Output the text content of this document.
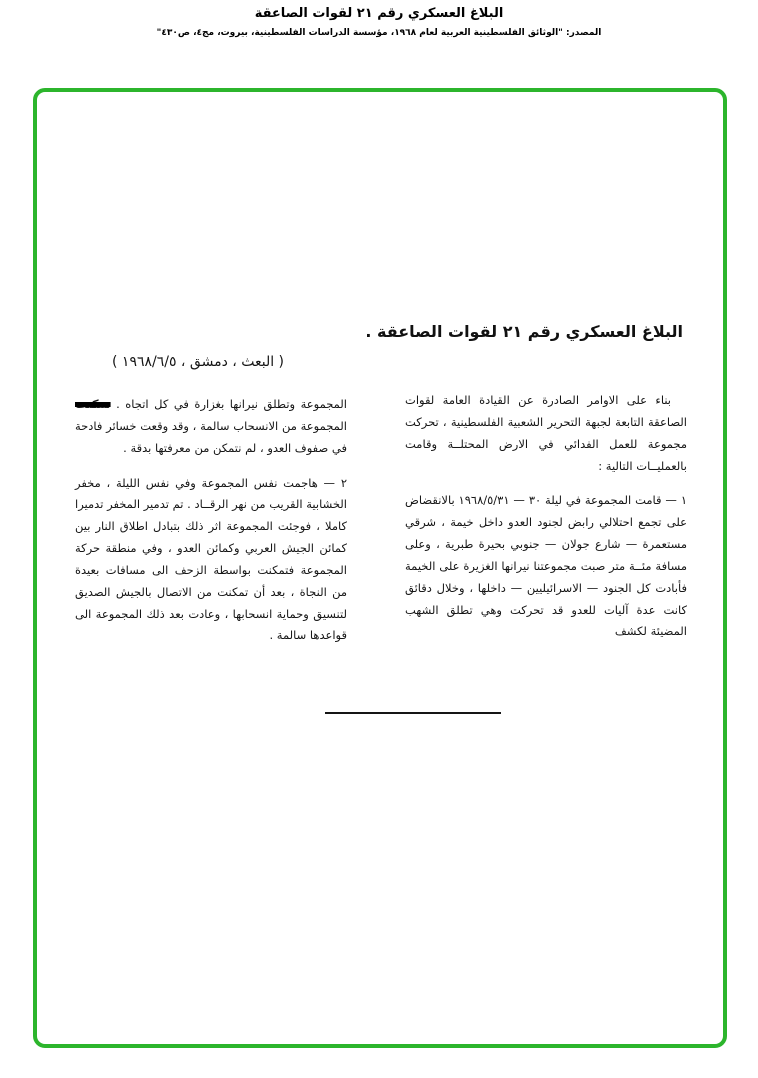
البلاغ العسكري رقم ٢١ لقوات الصاعقة
المصدر: "الوثائق الفلسطينية العربية لعام ١٩٦٨، مؤسسة الدراسات الفلسطينية، بيروت، مج٤، ص٤٣٠"
البلاغ العسكري رقم ٢١ لقوات الصاعقة .
( البعث ، دمشق ، ١٩٦٨/٦/٥ )

بناء على الاوامر الصادرة عن القيادة العامة لقوات الصاعقة التابعة لجبهة التحرير الشعبية الفلسطينية ، تحركت مجموعة للعمل الفدائي في الارض المحتلــة وقامت بالعمليــات التالية :

١ — قامت المجموعة في ليلة ٣٠ — ١٩٦٨/٥/٣١ بالانقضاض على تجمع احتلالي رابض لجنود العدو داخل خيمة ، شرقي مستعمرة — شارع جولان — جنوبي بحيرة طبرية ، وعلى مسافة مئــة متر صبت مجموعتنا نيرانها الغزيرة على الخيمة فأبادت كل الجنود — الاسرائيليين — داخلها ، وخلال دقائق كانت عدة آليات للعدو قد تحركت وهي تطلق الشهب المضيئة لكشف

المجموعة وتطلق نيرانها بغزارة في كل اتجاه . تمكنت المجموعة من الانسحاب سالمة ، وقد وقعت خسائر فادحة في صفوف العدو ، لم نتمكن من معرفتها بدقة .

٢ — هاجمت نفس المجموعة وفي نفس الليلة ، مخفر الخشابية القريب من نهر الرقــاد . تم تدمير المخفر تدميرا كاملا ، فوجئت المجموعة اثر ذلك بتبادل اطلاق النار بين كمائن الجيش العربي وكمائن العدو ، وفي منطقة حركة المجموعة فتمكنت بواسطة الزحف الى مسافات بعيدة من النجاة ، بعد أن تمكنت من الاتصال بالجيش الصديق لتنسيق وحماية انسحابها ، وعادت بعد ذلك المجموعة الى قواعدها سالمة .
